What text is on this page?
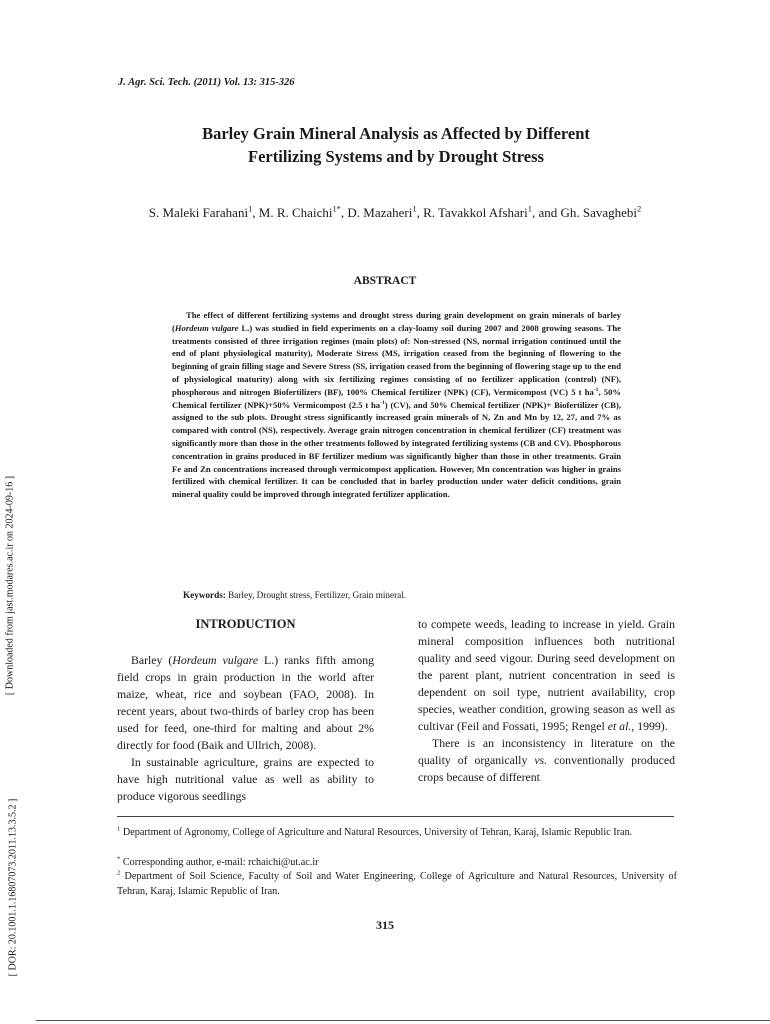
J. Agr. Sci. Tech. (2011) Vol. 13: 315-326
Barley Grain Mineral Analysis as Affected by Different
Fertilizing Systems and by Drought Stress
S. Maleki Farahani$^1$, M. R. Chaichi$^{1*}$, D. Mazaheri$^1$, R. Tavakkol Afshari$^1$, and Gh. Savaghebi$^2$
ABSTRACT
The effect of different fertilizing systems and drought stress during grain development on grain minerals of barley (Hordeum vulgare L.) was studied in field experiments on a clay-loamy soil during 2007 and 2008 growing seasons. The treatments consisted of three irrigation regimes (main plots) of: Non-stressed (NS, normal irrigation continued until the end of plant physiological maturity), Moderate Stress (MS, irrigation ceased from the beginning of flowering to the beginning of grain filling stage and Severe Stress (SS, irrigation ceased from the beginning of flowering stage up to the end of physiological maturity) along with six fertilizing regimes consisting of no fertilizer application (control) (NF), phosphorous and nitrogen Biofertilizers (BF), 100% Chemical fertilizer (NPK) (CF), Vermicompost (VC) 5 t $ha^{-1}$, 50% Chemical fertilizer (NPK)+50% Vermicompost (2.5 t $ha^{-1}$) (CV), and 50% Chemical fertilizer (NPK)+ Biofertilizer (CB), assigned to the sub plots. Drought stress significantly increased grain minerals of N, Zn and Mn by 12, 27, and 7% as compared with control (NS), respectively. Average grain nitrogen concentration in chemical fertilizer (CF) treatment was significantly more than those in the other treatments followed by integrated fertilizing systems (CB and CV). Phosphorous concentration in grains produced in BF fertilizer medium was significantly higher than those in other treatments. Grain Fe and Zn concentrations increased through vermicompost application. However, Mn concentration was higher in grains fertilized with chemical fertilizer. It can be concluded that in barley production under water deficit conditions, grain mineral quality could be improved through integrated fertilizer application.
Keywords: Barley, Drought stress, Fertilizer, Grain mineral.
INTRODUCTION

Barley (Hordeum vulgare L.) ranks fifth among field crops in grain production in the world after maize, wheat, rice and soybean (FAO, 2008). In recent years, about two-thirds of barley crop has been used for feed, one-third for malting and about 2% directly for food (Baik and Ullrich, 2008).

In sustainable agriculture, grains are expected to have high nutritional value as well as ability to produce vigorous seedlings

to compete weeds, leading to increase in yield. Grain mineral composition influences both nutritional quality and seed vigour. During seed development on the parent plant, nutrient concentration in seed is dependent on soil type, nutrient availability, crop species, weather condition, growing season as well as cultivar (Feil and Fossati, 1995; Rengel et al., 1999).

There is an inconsistency in literature on the quality of organically vs. conventionally produced crops because of different

$^1$ Department of Agronomy, College of Agriculture and Natural Resources, University of Tehran, Karaj, Islamic Republic Iran.
* Corresponding author, e-mail: rchaichi@ut.ac.ir
$^2$ Department of Soil Science, Faculty of Soil and Water Engineering, College of Agriculture and Natural Resources, University of Tehran, Karaj, Islamic Republic of Iran.
315
[ Downloaded from jast.modares.ac.ir on 2024-09-16 ]
[ DOR: 20.1001.1.16807073.2011.13.3.5.2 ]
